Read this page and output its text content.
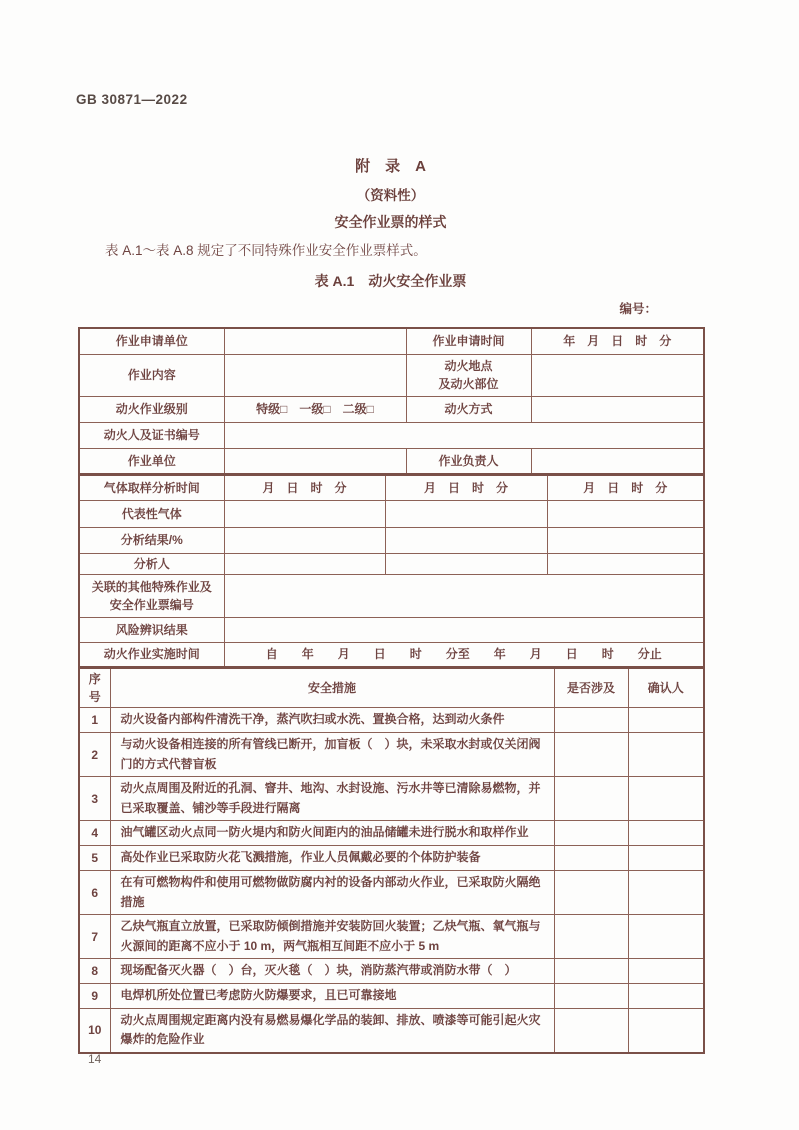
GB 30871—2022
附　录　A
（资料性）
安全作业票的样式
表 A.1～表 A.8 规定了不同特殊作业安全作业票样式。
表 A.1　动火安全作业票
编号：
作业申请单位		作业申请时间	年　月　日　时　分
作业内容		动火地点
及动火部位	
动火作业级别	特级□　一级□　二级□	动火方式	
动火人及证书编号			
作业单位		作业负责人	
气体取样分析时间	月　日　时　分	月　日　时　分	月　日　时　分
代表性气体			
分析结果/%			
分析人			
关联的其他特殊作业及
安全作业票编号			
风险辨识结果			
动火作业实施时间	自　　年　　月　　日　　时　　分至　　年　　月　　日　　时　　分止		
序号	安全措施	是否涉及	确认人
1	动火设备内部构件清洗干净，蒸汽吹扫或水洗、置换合格，达到动火条件		
2	与动火设备相连接的所有管线已断开，加盲板（　）块，未采取水封或仅关闭阀门的方式代替盲板		
3	动火点周围及附近的孔洞、窨井、地沟、水封设施、污水井等已清除易燃物，并已采取覆盖、铺沙等手段进行隔离		
4	油气罐区动火点同一防火堤内和防火间距内的油品储罐未进行脱水和取样作业		
5	高处作业已采取防火花飞溅措施，作业人员佩戴必要的个体防护装备		
6	在有可燃物构件和使用可燃物做防腐内衬的设备内部动火作业，已采取防火隔绝措施		
7	乙炔气瓶直立放置，已采取防倾倒措施并安装防回火装置；乙炔气瓶、氧气瓶与火源间的距离不应小于 10 m，两气瓶相互间距不应小于 5 m		
8	现场配备灭火器（　）台，灭火毯（　）块，消防蒸汽带或消防水带（　）		
9	电焊机所处位置已考虑防火防爆要求，且已可靠接地		
10	动火点周围规定距离内没有易燃易爆化学品的装卸、排放、喷漆等可能引起火灾爆炸的危险作业		
14
